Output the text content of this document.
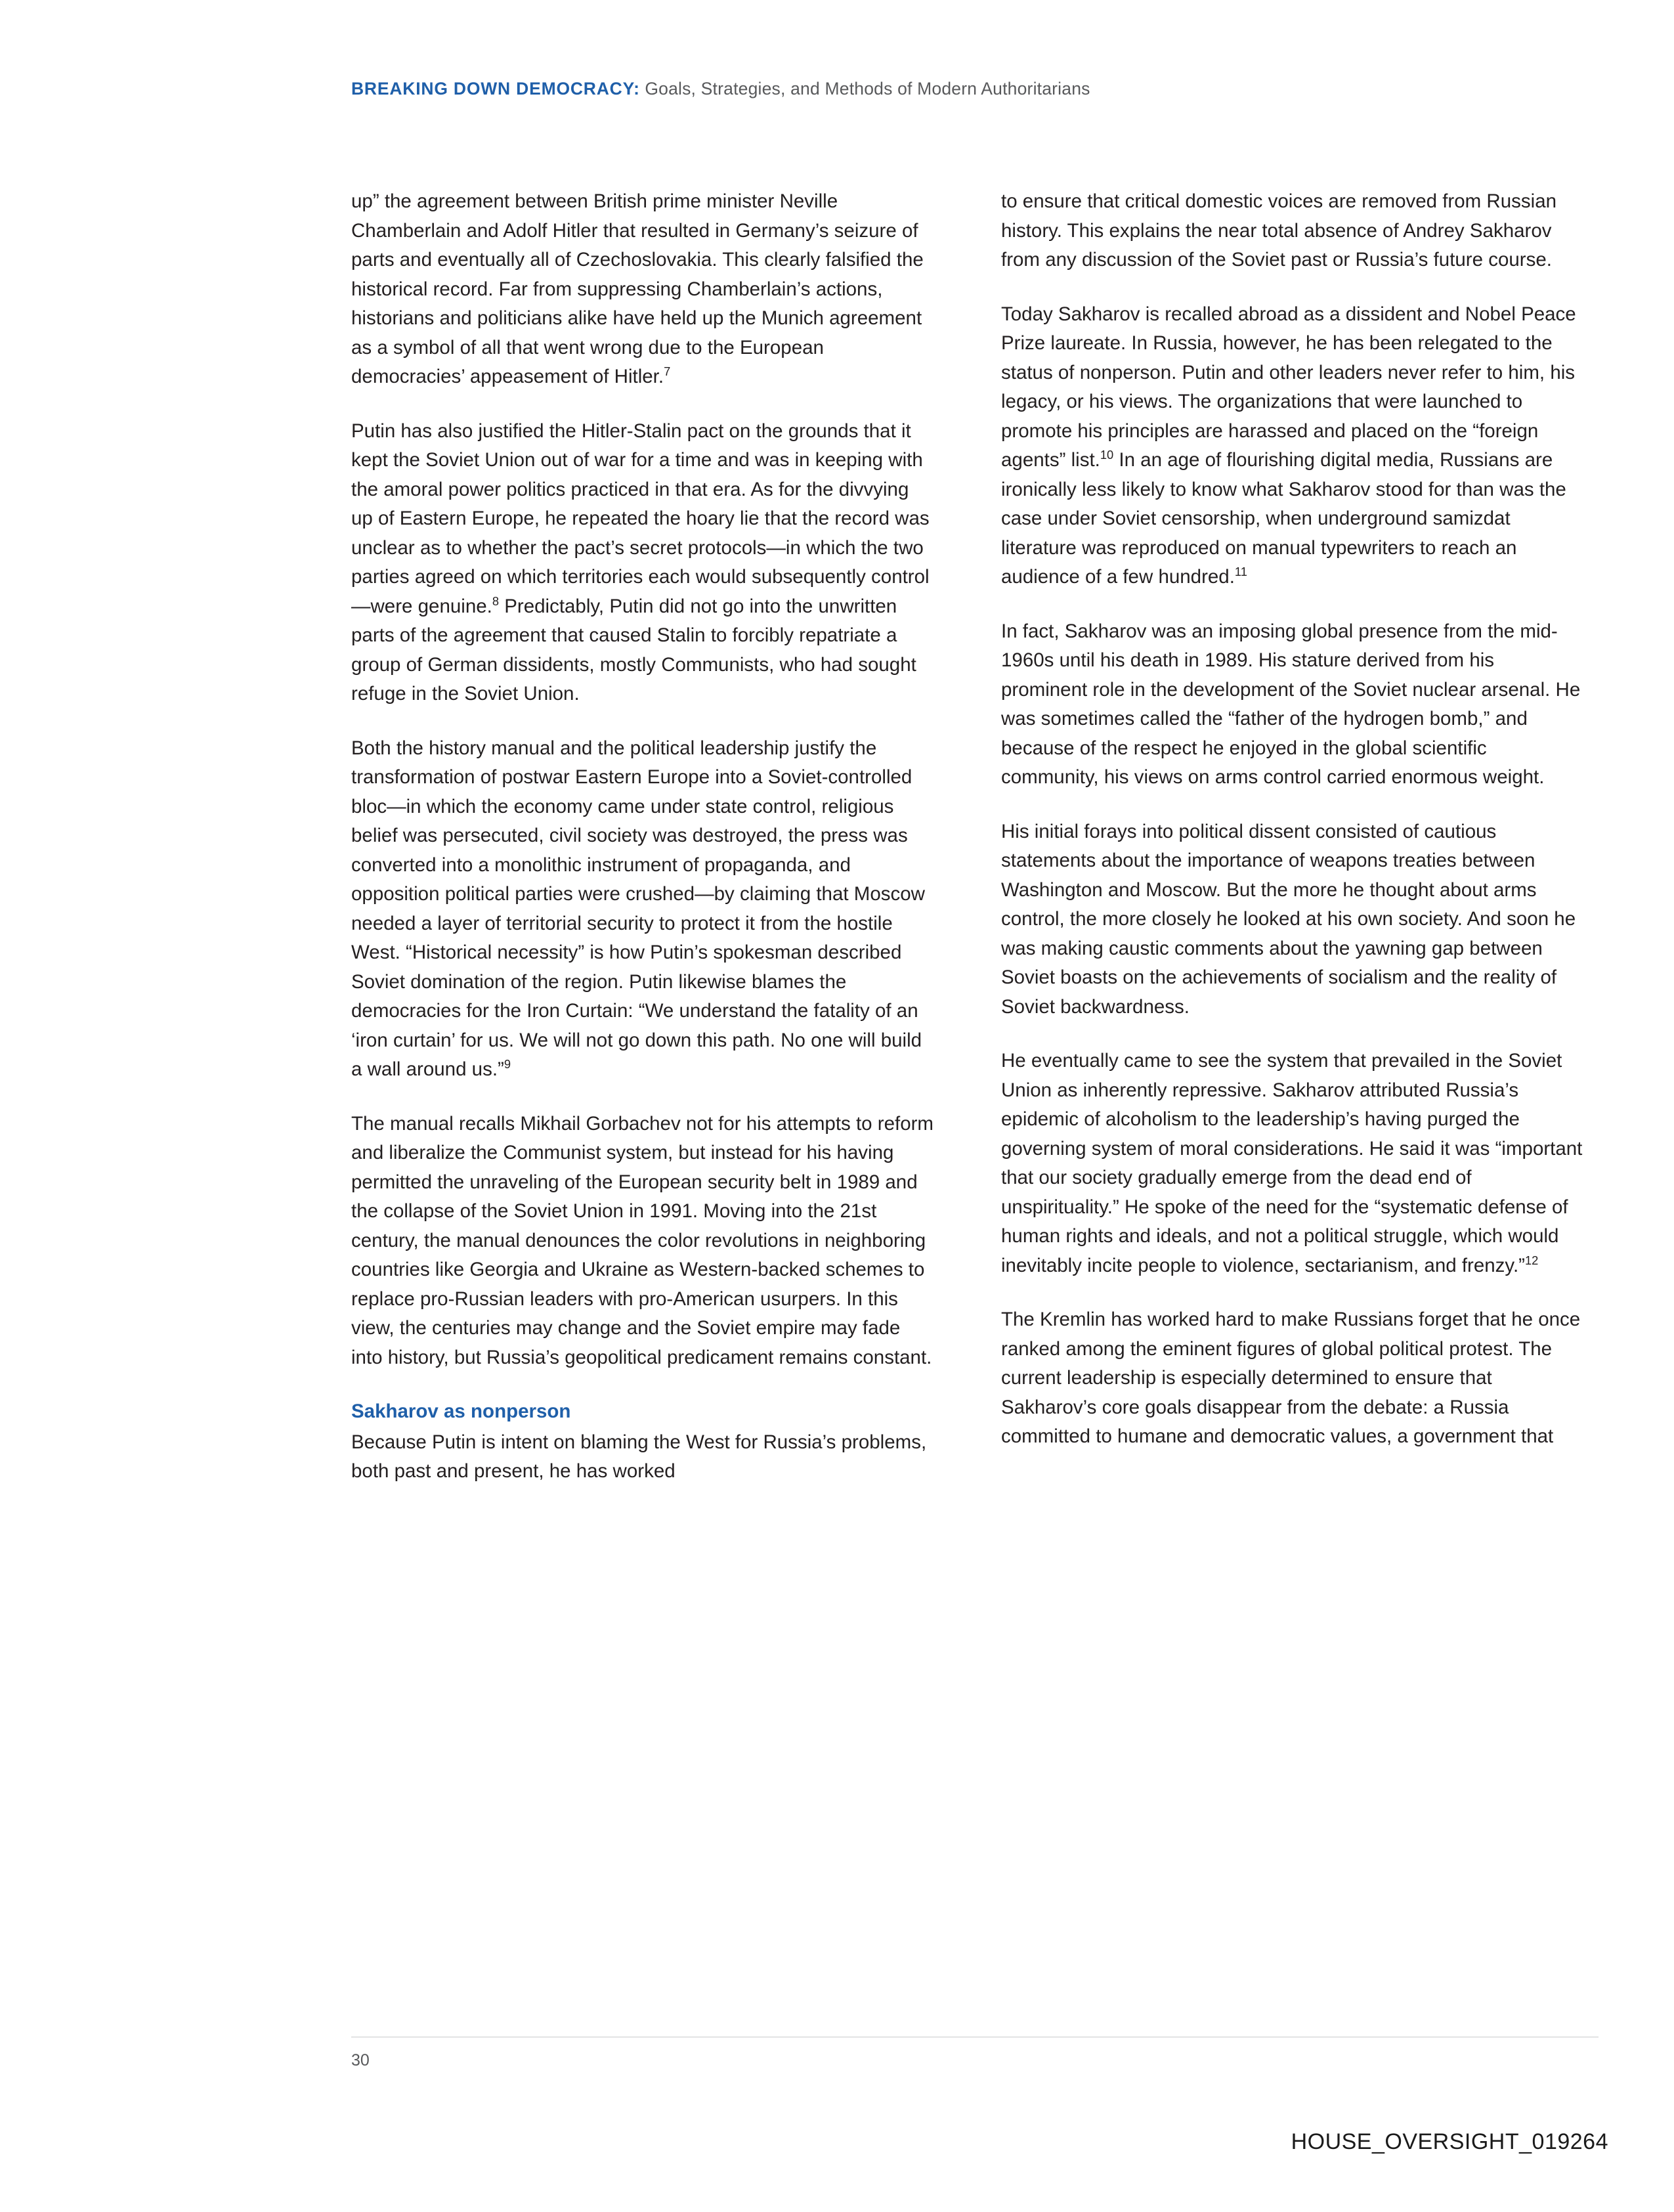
BREAKING DOWN DEMOCRACY: Goals, Strategies, and Methods of Modern Authoritarians

up” the agreement between British prime minister Neville Chamberlain and Adolf Hitler that resulted in Germany’s seizure of parts and eventually all of Czechoslovakia. This clearly falsified the historical record. Far from suppressing Chamberlain’s actions, historians and politicians alike have held up the Munich agreement as a symbol of all that went wrong due to the European democracies’ appeasement of Hitler.$^7$

Putin has also justified the Hitler-Stalin pact on the grounds that it kept the Soviet Union out of war for a time and was in keeping with the amoral power politics practiced in that era. As for the divvying up of Eastern Europe, he repeated the hoary lie that the record was unclear as to whether the pact’s secret protocols—in which the two parties agreed on which territories each would subsequently control—were genuine.$^8$ Predictably, Putin did not go into the unwritten parts of the agreement that caused Stalin to forcibly repatriate a group of German dissidents, mostly Communists, who had sought refuge in the Soviet Union.

Both the history manual and the political leadership justify the transformation of postwar Eastern Europe into a Soviet-controlled bloc—in which the economy came under state control, religious belief was persecuted, civil society was destroyed, the press was converted into a monolithic instrument of propaganda, and opposition political parties were crushed—by claiming that Moscow needed a layer of territorial security to protect it from the hostile West. “Historical necessity” is how Putin’s spokesman described Soviet domination of the region. Putin likewise blames the democracies for the Iron Curtain: “We understand the fatality of an ‘iron curtain’ for us. We will not go down this path. No one will build a wall around us.”$^9$

The manual recalls Mikhail Gorbachev not for his attempts to reform and liberalize the Communist system, but instead for his having permitted the unraveling of the European security belt in 1989 and the collapse of the Soviet Union in 1991. Moving into the 21st century, the manual denounces the color revolutions in neighboring countries like Georgia and Ukraine as Western-backed schemes to replace pro-Russian leaders with pro-American usurpers. In this view, the centuries may change and the Soviet empire may fade into history, but Russia’s geopolitical predicament remains constant.

Sakharov as nonperson

Because Putin is intent on blaming the West for Russia’s problems, both past and present, he has worked

to ensure that critical domestic voices are removed from Russian history. This explains the near total absence of Andrey Sakharov from any discussion of the Soviet past or Russia’s future course.

Today Sakharov is recalled abroad as a dissident and Nobel Peace Prize laureate. In Russia, however, he has been relegated to the status of nonperson. Putin and other leaders never refer to him, his legacy, or his views. The organizations that were launched to promote his principles are harassed and placed on the “foreign agents” list.$^{10}$ In an age of flourishing digital media, Russians are ironically less likely to know what Sakharov stood for than was the case under Soviet censorship, when underground samizdat literature was reproduced on manual typewriters to reach an audience of a few hundred.$^{11}$

In fact, Sakharov was an imposing global presence from the mid-1960s until his death in 1989. His stature derived from his prominent role in the development of the Soviet nuclear arsenal. He was sometimes called the “father of the hydrogen bomb,” and because of the respect he enjoyed in the global scientific community, his views on arms control carried enormous weight.

His initial forays into political dissent consisted of cautious statements about the importance of weapons treaties between Washington and Moscow. But the more he thought about arms control, the more closely he looked at his own society. And soon he was making caustic comments about the yawning gap between Soviet boasts on the achievements of socialism and the reality of Soviet backwardness.

He eventually came to see the system that prevailed in the Soviet Union as inherently repressive. Sakharov attributed Russia’s epidemic of alcoholism to the leadership’s having purged the governing system of moral considerations. He said it was “important that our society gradually emerge from the dead end of unspirituality.” He spoke of the need for the “systematic defense of human rights and ideals, and not a political struggle, which would inevitably incite people to violence, sectarianism, and frenzy.”$^{12}$

The Kremlin has worked hard to make Russians forget that he once ranked among the eminent figures of global political protest. The current leadership is especially determined to ensure that Sakharov’s core goals disappear from the debate: a Russia committed to humane and democratic values, a government that

30
HOUSE_OVERSIGHT_019264
